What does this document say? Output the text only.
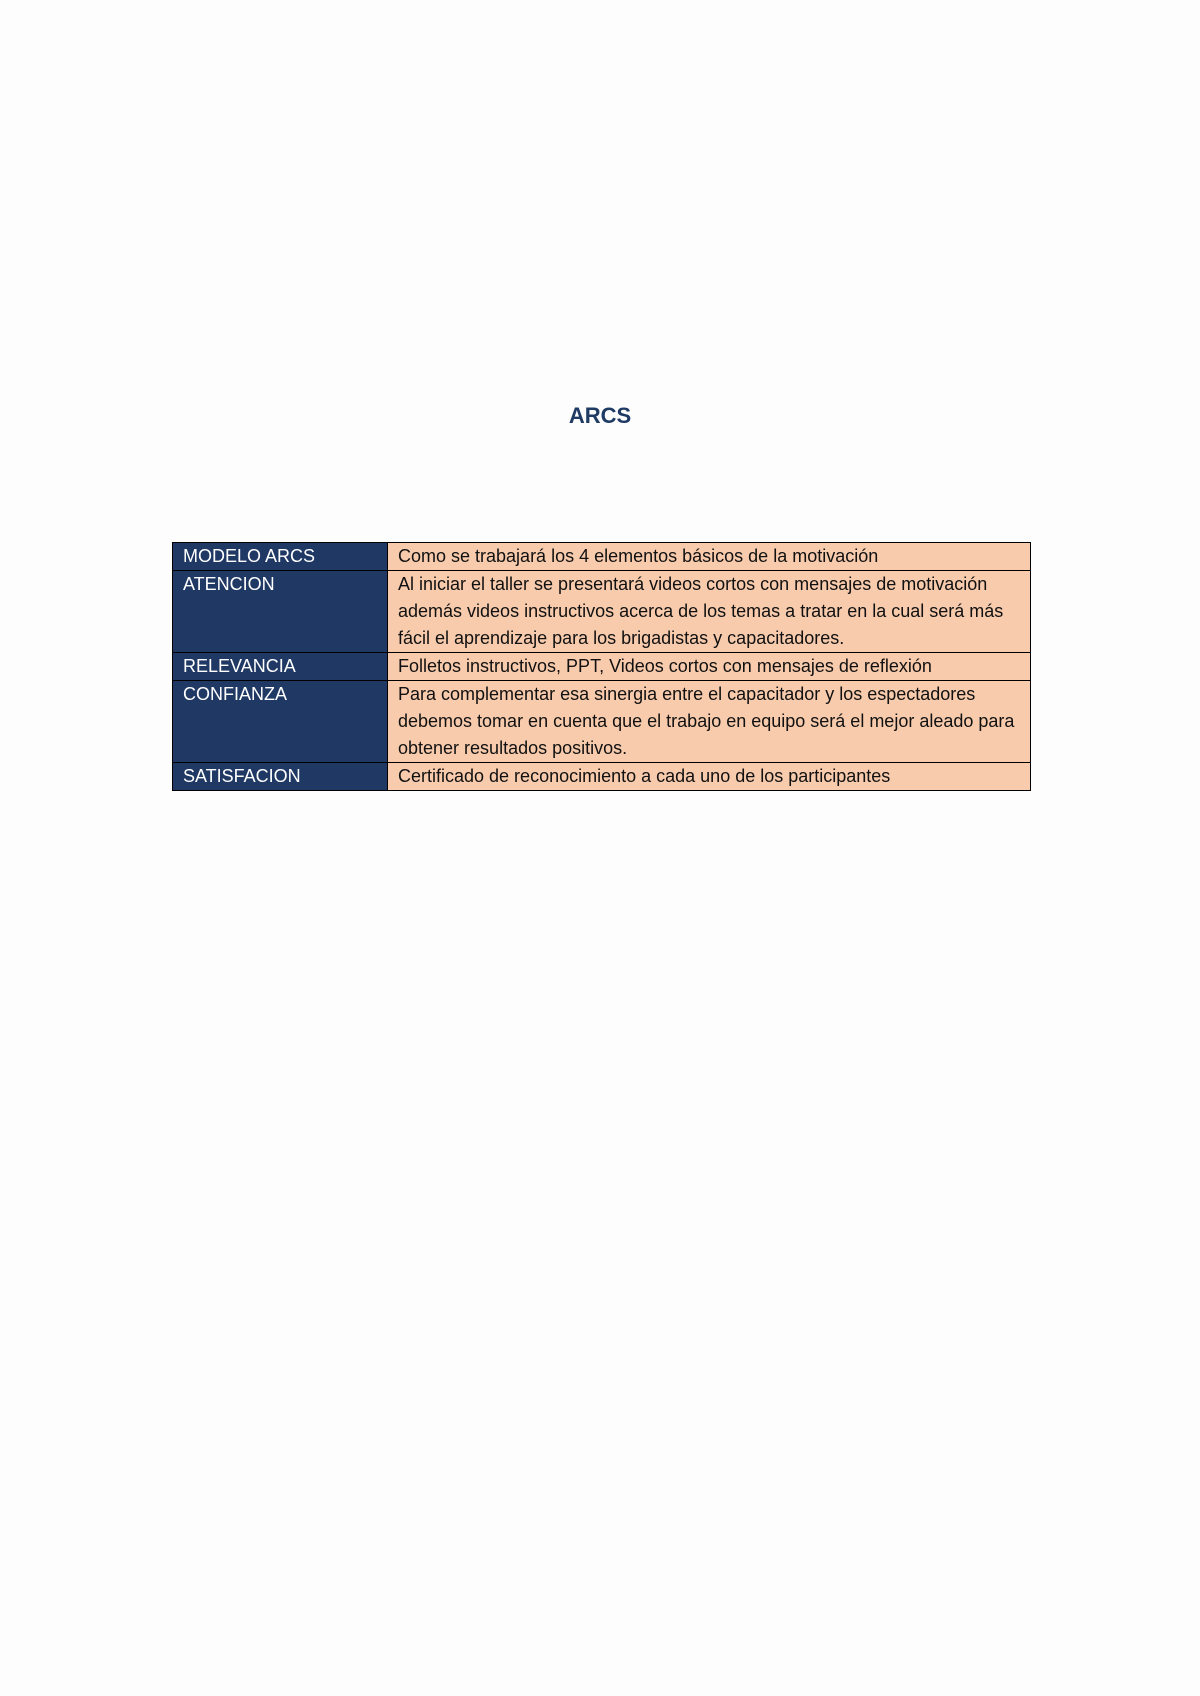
ARCS
MODELO ARCS	Como se trabajará los 4 elementos básicos de la motivación
ATENCION	Al iniciar el taller se presentará videos cortos con mensajes de motivación además videos instructivos acerca de los temas a tratar en la cual será más fácil el aprendizaje para los brigadistas y capacitadores.
RELEVANCIA	Folletos instructivos, PPT, Videos cortos con mensajes de reflexión
CONFIANZA	Para complementar esa sinergia entre el capacitador y los espectadores debemos tomar en cuenta que el trabajo en equipo será el mejor aleado para obtener resultados positivos.
SATISFACION	Certificado de reconocimiento a cada uno de los participantes
